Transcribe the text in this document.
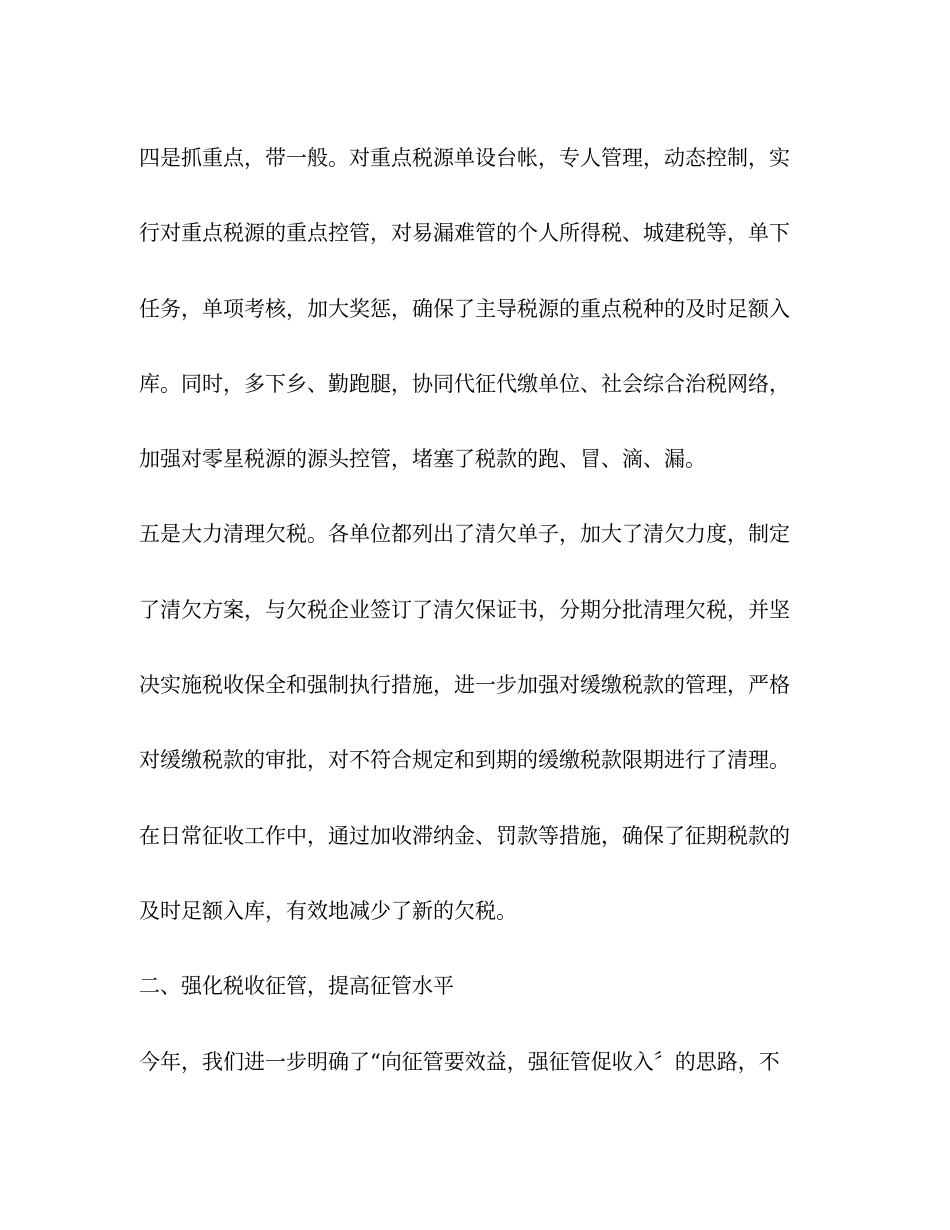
四是抓重点，带一般。对重点税源单设台帐，专人管理，动态控制，实
行对重点税源的重点控管，对易漏难管的个人所得税、城建税等，单下
任务，单项考核，加大奖惩，确保了主导税源的重点税种的及时足额入
库。同时，多下乡、勤跑腿，协同代征代缴单位、社会综合治税网络，
加强对零星税源的源头控管，堵塞了税款的跑、冒、滴、漏。
五是大力清理欠税。各单位都列出了清欠单子，加大了清欠力度，制定
了清欠方案，与欠税企业签订了清欠保证书，分期分批清理欠税，并坚
决实施税收保全和强制执行措施，进一步加强对缓缴税款的管理，严格
对缓缴税款的审批，对不符合规定和到期的缓缴税款限期进行了清理。
在日常征收工作中，通过加收滞纳金、罚款等措施，确保了征期税款的
及时足额入库，有效地减少了新的欠税。
二、强化税收征管，提高征管水平
今年，我们进一步明确了“向征管要效益，强征管促收入〞的思路，不
